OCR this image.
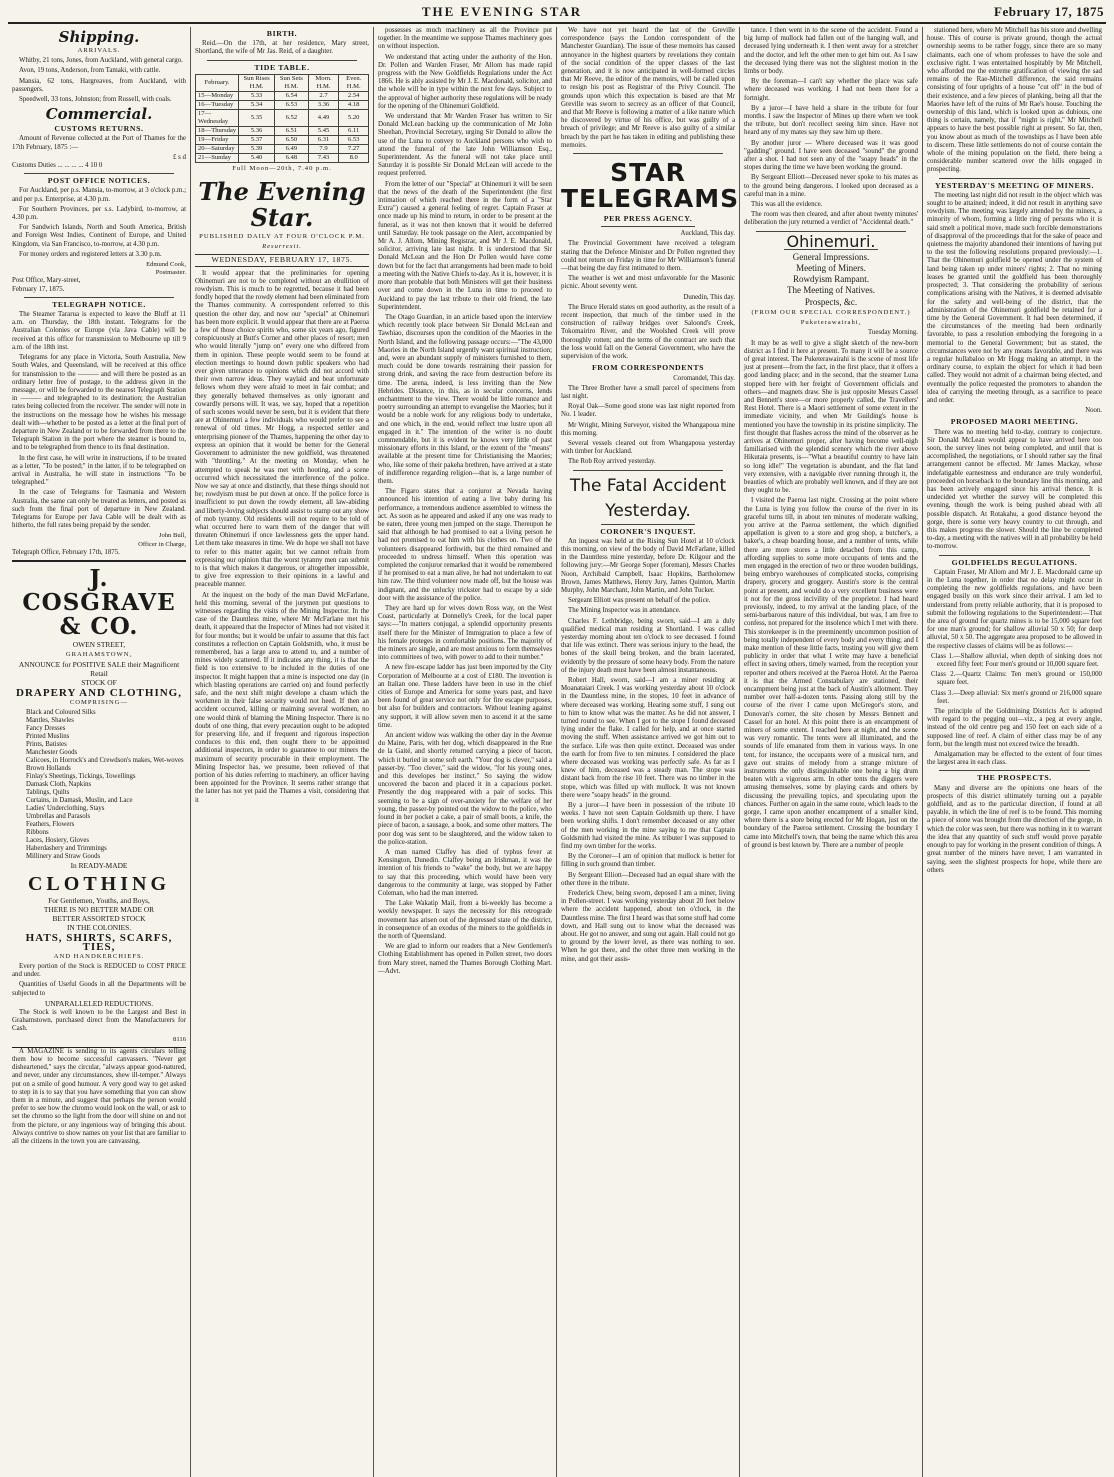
THE EVENING STAR	February 17, 1875
Shipping.
ARRIVALS.

Whitby, 21 tons, Jones, from Auckland, with general cargo.

Avon, 19 tons, Anderson, from Tamaki, with cattle.

Mansia, 62 tons, Hargreaves, from Auckland, with passengers.

Speedwell, 33 tons, Johnston; from Russell, with coals.

Commercial.
CUSTOMS RETURNS.

Amount of Revenue collected at the Port of Thames for the 17th February, 1875 :—

£ s d
Customs Duties ... ... ... ... 4 10 0
POST OFFICE NOTICES.

For Auckland, per p.s. Mansia, to-morrow, at 3 o'clock p.m.; and per p.s. Enterprise, at 4.30 p.m.

For Southern Provinces, per s.s. Ladybird, to-morrow, at 4.30 p.m.

For Sandwich Islands, North and South America, British and Foreign West Indies, Continent of Europe, and United Kingdom, via San Francisco, to-morrow, at 4.30 p.m.

For money orders and registered letters at 3.30 p.m.

Edmund Cook,
Postmaster.
Post Office, Mary-street,
February 17, 1875.
TELEGRAPH NOTICE.

The Steamer Tararua is expected to leave the Bluff at 11 a.m. on Thursday, the 18th instant. Telegrams for the Australian Colonies or Europe (via Java Cable) will be received at this office for transmission to Melbourne up till 9 a.m. of the 18th inst.

Telegrams for any place in Victoria, South Australia, New South Wales, and Queensland, will be received at this office for transmission to the ——— and will there be posted as an ordinary letter free of postage, to the address given in the message, or will be forwarded to the nearest Telegraph Station in ——— and telegraphed to its destination; the Australian rates being collected from the receiver. The sender will note in the instructions on the message how he wishes his message dealt with—whether to be posted as a letter at the final port of departure in New Zealand or to be forwarded from there to the Telegraph Station in the port where the steamer is bound to, and to be telegraphed from thence to its final destination.

In the first case, he will write in instructions, if to be treated as a letter, "To be posted;" in the latter, if to be telegraphed on arrival in Australia, he will state in instructions "To be telegraphed."

In the case of Telegrams for Tasmania and Western Australia, the same can only be treated as letters, and posted as such from the final port of departure in New Zealand. Telegrams for Europe per Java Cable will be dealt with as hitherto, the full rates being prepaid by the sender.

John Bull,
Officer in Charge,
Telegraph Office, February 17th, 1875.
J. COSGRAVE & CO.
OWEN STREET,
GRAHAMSTOWN,
ANNOUNCE for POSITIVE SALE their Magnificent Retail
STOCK OF
DRAPERY AND CLOTHING,
COMPRISING—
Black and Coloured Silks
Mantles, Shawles
Fancy Dresses
Printed Muslins
Prints, Batistes
Manchester Goods
Calicoes, in Horrock's and Crewdson's makes, Wet-woves
Brown Hollands
Finlay's Sheetings, Tickings, Towellings
Damask Cloth, Napkins
Tablings, Quilts
Curtains, in Damask, Muslin, and Lace
Ladies' Underclothing, Stays
Umbrellas and Parasols
Feathers, Flowers
Ribbons
Laces, Hosiery, Gloves
Haberdashery and Trimmings
Millinery and Straw Goods
In READY-MADE
CLOTHING
For Gentlemen, Youths, and Boys,
THERE IS NO BETTER MADE OR
BETTER ASSORTED STOCK
IN THE COLONIES.
HATS, SHIRTS, SCARFS, TIES,
AND HANDKERCHIEFS.

Every portion of the Stock is REDUCED to COST PRICE and under.

Quantities of Useful Goods in all the Departments will be subjected to

UNPARALLELED REDUCTIONS.

The Stock is well known to be the Largest and Best in Grahamstown, purchased direct from the Manufacturers for Cash.

8116

A MAGAZINE is sending to its agents circulars telling them how to become successful canvassers. "Never get disheartened," says the circular, "always appear good-natured, and never, under any circumstances, shew ill-temper." Always put on a smile of good humour. A very good way to get asked to step in is to say that you have something that you can show them in a minute, and suggest that perhaps the person would prefer to see how the chromo would look on the wall, or ask to set the chromo so the light from the door will shine on and not from the picture, or any ingenious way of bringing this about. Always contrive to show names on your list that are familiar to all the citizens in the town you are canvassing.

BIRTH.

Reid.—On the 17th, at her residence, Mary street, Shortland, the wife of Mr Jas. Reid, of a daughter.

TIDE TABLE.
February.	Sun Rises H.M.	Sun Sets H.M.	Morn. H.M.	Even. H.M.
15—Monday	5.33	6.54	2.7	2.54
16—Tuesday	5.34	6.53	3.36	4.18
17—Wednesday	5.35	6.52	4.49	5.20
18—Thursday	5.36	6.51	5.45	6.11
19—Friday	5.37	6.50	6.31	6.53
20—Saturday	5.39	6.49	7.9	7.27
21—Sunday	5.40	6.48	7.43	8.0
Full Moon—20th, 7.40 p.m.
The Evening Star.
PUBLISHED DAILY AT FOUR O'CLOCK P.M.
Resurrexit.
WEDNESDAY, FEBRUARY 17, 1875.

It would appear that the preliminaries for opening Ohinemuri are not to be completed without an ebullition of rowdyism. This is much to be regretted, because it had been fondly hoped that the rowdy element had been eliminated from the Thames community. A correspondent referred to this question the other day, and now our "special" at Ohinemuri has been more explicit. It would appear that there are at Paeroa a few of those choice spirits who, some six years ago, figured conspicuously at Butt's Corner and other places of resort; men who would literally "jump on" every one who differed from them in opinion. These people would seem to be found at election meetings to hound down public speakers who had ever given utterance to opinions which did not accord with their own narrow ideas. They waylaid and beat unfortunate fellows whom they were afraid to meet in fair combat; and they generally behaved themselves as only ignorant and cowardly persons will. It was, we say, hoped that a repetition of such scenes would never be seen, but it is evident that there are at Ohinemuri a few individuals who would prefer to see a renewal of old times. Mr Hogg, a respected settler and enterprising pioneer of the Thames, happening the other day to express an opinion that it would be better for the General Government to administer the new goldfield, was threatened with "throttling." At the meeting on Monday, when he attempted to speak he was met with hooting, and a scene occurred which necessitated the interference of the police. Now we say at once and distinctly, that these things should not be; rowdyism must be put down at once. If the police force is insufficient to put down the rowdy element, all law-abiding and liberty-loving subjects should assist to stamp out any show of mob tyranny. Old residents will not require to be told of what occurred here to warn them of the danger that will threaten Ohinemuri if once lawlessness gets the upper hand. Let them take measures in time. We do hope we shall not have to refer to this matter again; but we cannot refrain from expressing our opinion that the worst tyranny men can submit to is that which makes it dangerous, or altogether impossible, to give free expression to their opinions in a lawful and peaceable manner.

At the inquest on the body of the man David McFarlane, held this morning, several of the jurymen put questions to witnesses regarding the visits of the Mining Inspector. In the case of the Dauntless mine, where Mr McFarlane met his death, it appeared that the Inspector of Mines had not visited it for four months; but it would be unfair to assume that this fact constitutes a reflection on Captain Goldsmith, who, it must be remembered, has a large area to attend to, and a number of mines widely scattered. If it indicates any thing, it is that the field is too extensive to be included in the duties of one inspector. It might happen that a mine is inspected one day (in which blasting operations are carried on) and found perfectly safe, and the next shift might develope a chasm which the workmen in their false security would not heed. If then an accident occurred, killing or maiming several workmen, no one would think of blaming the Mining Inspector. There is no doubt of one thing, that every precaution ought to be adopted for preserving life, and if frequent and rigorous inspection conduces to this end, then ought there to be appointed additional inspectors, in order to guarantee to our miners the maximum of security procurable in their employment. The Mining Inspector has, we presume, been relieved of that portion of his duties referring to machinery, an officer having been appointed for the Province. It seems rather strange that the latter has not yet paid the Thames a visit, considering that it

possesses as much machinery as all the Province put together. In the meantime we suppose Thames machinery goes on without inspection.

We understand that acting under the authority of the Hon. Dr. Pollen and Warden Fraser, Mr Allom has made rapid progress with the New Goldfields Regulations under the Act 1866. He is ably assisted by Mr J. E. Macdonald, solicitor, and the whole will be in type within the next few days. Subject to the approval of higher authority these regulations will be ready for the opening of the Ohinemuri Goldfield.

We understand that Mr Warden Fraser has written to Sir Donald McLean backing up the communication of Mr John Sheehan, Provincial Secretary, urging Sir Donald to allow the use of the Luna to convey to Auckland persons who wish to attend the funeral of the late John Williamson Esq., Superintendent. As the funeral will not take place until Saturday it is possible Sir Donald McLean will accede to the request preferred.

From the letter of our "Special" at Ohinemuri it will be seen that the news of the death of the Superintendent (the first intimation of which reached there in the form of a "Star Extra") caused a general feeling of regret. Captain Fraser at once made up his mind to return, in order to be present at the funeral, as it was not then known that it would be deferred until Saturday. He took passage on the Alert, accompanied by Mr A. J. Allom, Mining Registrar, and Mr J. E. Macdonald, solicitor, arriving late last night. It is understood that Sir Donald McLean and the Hon Dr Pollen would have come down but for the fact that arrangements had been made to hold a meeting with the Native Chiefs to-day. As it is, however, it is more than probable that both Ministers will get their business over and come down in the Luna in time to proceed to Auckland to pay the last tribute to their old friend, the late Superintendent.

The Otago Guardian, in an article based upon the interview which recently took place between Sir Donald McLean and Tawhiao, discourses upon the condition of the Maories in the North Island, and the following passage occurs:—"The 43,000 Maories in the North Island urgently want spiritual instruction; and, were an abundant supply of ministers furnished to them, much could be done towards restraining their passion for strong drink, and saving the race from destruction before its time. The arena, indeed, is less inviting than the New Hebrides. Distance, in this, as in secular concerns, lends enchantment to the view. There would be little romance and poetry surrounding an attempt to evangelise the Maories; but it would be a noble work for any religious body to undertake, and one which, in the end, would reflect true lustre upon all engaged in it." The intention of the writer is no doubt commendable, but it is evident he knows very little of past missionary efforts in this Island, or the extent of the "means" available at the present time for Christianising the Maories; who, like some of their pakeha brethren, have arrived at a state of indifference regarding religion—that is, a large number of them.

The Figaro states that a conjuror at Nevada having announced his intention of eating a live baby during his performance, a tremendous audience assembled to witness the act. As soon as he appeared and asked if any one was ready to be eaten, three young men jumped on the stage. Thereupon he said that although he had promised to eat a living person he had not promised to eat him with his clothes on. Two of the volunteers disappeared forthwith, but the third remained and proceeded to undress himself. When this operation was completed the conjuror remarked that it would be remembered if he promised to eat a man alive, he had not undertaken to eat him raw. The third volunteer now made off, but the house was indignant, and the unlucky trickster had to escape by a side door with the assistance of the police.

They are hard up for wives down Ross way, on the West Coast, particularly at Donnelly's Creek, for the local paper says:—"In matters conjugal, a splendid opportunity presents itself there for the Minister of Immigration to place a few of his female proteges in comfortable positions. The majority of the miners are single, and are most anxious to form themselves into committees of two, with power to add to their number."

A new fire-escape ladder has just been imported by the City Corporation of Melbourne at a cost of £180. The invention is an Italian one. These ladders have been in use in the chief cities of Europe and America for some years past, and have been found of great service not only for fire escape purposes, but also for builders and contractors. Without leaning against any support, it will allow seven men to ascend it at the same time.

An ancient widow was walking the other day in the Avenue du Maine, Paris, with her dog, which disappeared in the Rue de la Gaité, and shortly returned carrying a piece of bacon, which it buried in some soft earth. "Your dog is clever," said a passer-by. "Too clever," said the widow, "for his young ones, and this developes her instinct." So saying the widow uncovered the bacon and placed it in a capacious pocket. Presently the dog reappeared with a pair of socks. This seeming to be a sign of over-anxiety for the welfare of her young, the passer-by pointed out the widow to the police, who found in her pocket a cake, a pair of small boots, a knife, the piece of bacon, a sausage, a book, and some other matters. The poor dog was sent to be slaughtered, and the widow taken to the police-station.

A man named Claffey has died of typhus fever at Kensington, Dunedin. Claffey being an Irishman, it was the intention of his friends to "wake" the body, but we are happy to say that this proceeding, which would have been very dangerous to the community at large, was stopped by Father Coleman, who had the man interred.

The Lake Wakatip Mail, from a bi-weekly has become a weekly newspaper. It says the necessity for this retrograde movement has arisen out of the depressed state of the district, in consequence of an exodus of the miners to the goldfields in the north of Queensland.

We are glad to inform our readers that a New Gentlemen's Clothing Establishment has opened in Pollen street, two doors from Mary street, named the Thames Borough Clothing Mart.—Advt.

We have not yet heard the last of the Greville correspondence (says the London correspondent of the Manchester Guardian). The issue of these memoirs has caused annoyance in the highest quarters by revelations they contain of the social condition of the upper classes of the last generation, and it is now anticipated in well-formed circles that Mr Reeve, the editor of the memoirs, will be called upon to resign his post as Registrar of the Privy Council. The grounds upon which this expectation is based are that Mr Greville was sworn to secrecy as an officer of that Council, and that Mr Reeve is following a matter of a like nature which he discovered by virtue of his office, but was guilty of a breach of privilege; and Mr Reeve is also guilty of a similar breach by the part he has taken in editing and publishing these memoirs.

STAR TELEGRAMS
PER PRESS AGENCY.
Auckland, This day.

The Provincial Government have received a telegram stating that the Defence Minister and Dr Pollen regretted they could not return on Friday in time for Mr Williamson's funeral—that being the day first intimated to them.

The weather is wet and most unfavorable for the Masonic picnic. About seventy went.

Dunedin, This day.

The Bruce Herald states on good authority, as the result of a recent inspection, that much of the timber used in the construction of railway bridges over Saloond's Creek, Tokomairiro River, and the Woolshed Creek will prove thoroughly rotten; and the terms of the contract are such that the loss would fall on the General Government, who have the supervision of the work.

FROM CORRESPONDENTS
Coromandel, This day.

The Three Brother have a small parcel of specimens from last night.

Royal Oak—Some good stone was last night reported from No. 1 leader.

Mr Wright, Mining Surveyor, visited the Whangapoua mine this morning.

Several vessels cleared out from Whangapoua yesterday with timber for Auckland.

The Rob Roy arrived yesterday.

The Fatal Accident
Yesterday.
CORONER'S INQUEST.

An inquest was held at the Rising Sun Hotel at 10 o'clock this morning, on view of the body of David McFarlane, killed in the Dauntless mine yesterday, before Dr. Kilgour and the following jury:—Mr George Soper (foreman), Messrs Charles Noon, Archibald Campbell, Isaac Hopkins, Bartholomew Brown, James Matthews, Henry Jury, James Quinton, Martin Murphy, John Marchant, John Martin, and John Tucker.

Sergeant Elliott was present on behalf of the police.

The Mining Inspector was in attendance.

Charles F. Lethbridge, being sworn, said—I am a duly qualified medical man residing at Shortland. I was called yesterday morning about ten o'clock to see deceased. I found that life was extinct. There was serious injury to the head, the bones of the skull being broken, and the brain lacerated, evidently by the pressure of some heavy body. From the nature of the injury death must have been almost instantaneous.

Robert Hall, sworn, said—I am a miner residing at Moanataiari Creek. I was working yesterday about 10 o'clock in the Dauntless mine, in the stopes, 10 feet in advance of where deceased was working. Hearing some stuff, I sung out to him to know what was the matter. As he did not answer, I turned round to see. When I got to the stope I found deceased lying under the flake. I called for help, and at once started moving the stuff. When assistance arrived we got him out to the surface. Life was then quite extinct. Deceased was under the earth for from five to ten minutes. I considered the place where deceased was working was perfectly safe. As far as I knew of him, deceased was a steady man. The stope was distant back from the rise 10 feet. There was no timber in the stope, which was filled up with mullock. It was not known there were "soapy heads" in the ground.

By a juror—I have been in possession of the tribute 10 weeks. I have not seen Captain Goldsmith up there. I have been working shifts. I don't remember deceased or any other of the men working in the mine saying to me that Captain Goldsmith had visited the mine. As tributer I was supposed to find my own timber for the works.

By the Coroner—I am of opinion that mullock is better for filling in such ground than timber.

By Sergeant Elliott—Deceased had an equal share with the other three in the tribute.

Frederick Chew, being sworn, deposed I am a miner, living in Pollen-street. I was working yesterday about 20 feet below where the accident happened, about ten o'clock, in the Dauntless mine. The first I heard was that some stuff had come down, and Hall sung out to know what the deceased was about. He got no answer, and sung out again. Hall could not go to ground by the lower level, as there was nothing to see. When he got there, and the other three men working in the mine, and got their assis-

tance. I then went in to the scene of the accident. Found a big lump of mullock had fallen out of the hanging wall, and deceased lying underneath it. I then went away for a stretcher and the doctor, and left the other men to get him out. As I saw the deceased lying there was not the slightest motion in the limbs or body.

By the foreman—I can't say whether the place was safe where deceased was working. I had not been there for a fortnight.

By a juror—I have held a share in the tribute for four months. I saw the Inspector of Mines up there when we took the tribute, but don't recollect seeing him since. Have not heard any of my mates say they saw him up there.

By another juror — Where deceased was it was good "gadding" ground. I have seen deceased "sound" the ground after a shot. I had not seen any of the "soapy heads" in the stopes during the time we have been working the ground.

By Sergeant Elliott—Deceased never spoke to his mates as to the ground being dangerous. I looked upon deceased as a careful man in a mine.

This was all the evidence.

The room was then cleared, and after about twenty minutes' deliberation the jury returned a verdict of "Accidental death."

Ohinemuri.
General Impressions.
Meeting of Miners.
Rowdyism Rampant.
The Meeting of Natives.
Prospects, &c.
(FROM OUR SPECIAL CORRESPONDENT.)
Puketerawairahi,
Tuesday Morning.

It may be as well to give a slight sketch of the new-born district as I find it here at present. To many it will be a source of great interest. The Puketerawairahi is the scene of most life just at present—from the fact, in the first place, that it offers a good landing place; and in the second, that the steamer Luna stopped here with her freight of Government officials and others—and magnets draw. She is just opposite Messrs Cassel and Bennett's store—or more properly called, the Travellers' Rest Hotel. There is a Maori settlement of some extent in the immediate vicinity, and when Mr Guilding's house is mentioned you have the township in its pristine simplicity. The first thought that flashes across the mind of the observer as he arrives at Ohinemuri proper, after having become well-nigh familiarised with the splendid scenery which the river above Hikutaia presents, is—"What a beautiful country to have lain so long idle!" The vegetation is abundant, and the flat land very extensive, with a navigable river running through it, the beauties of which are probably well known, and if they are not they ought to be.

I visited the Paeroa last night. Crossing at the point where the Luna is lying you follow the course of the river in its graceful turns till, in about ten minutes of moderate walking, you arrive at the Paeroa settlement, the which dignified appellation is given to a store and grog shop, a butcher's, a baker's, a cheap boarding house, and a number of tents, while there are more stores a little detached from this camp, affording supplies to some more occupants of tents and the men engaged in the erection of two or three wooden buildings, being embryo warehouses of complicated stocks, comprising drapery, grocery and groggery. Austin's store is the central point at present, and would do a very excellent business were it not for the gross incivility of the proprietor. I had heard previously, indeed, to my arrival at the landing place, of the semi-barbarous nature of this individual, but was, I am free to confess, not prepared for the insolence which I met with there. This storekeeper is in the preeminently uncommon position of being totally independent of every body and every thing; and I make mention of these little facts, trusting you will give them publicity in order that what I write may have a beneficial effect in saving others, timely warned, from the reception your reporter and others received at the Paeroa Hotel. At the Paeroa it is that the Armed Constabulary are stationed, their encampment being just at the back of Austin's allotment. They number over half-a-dozen tents. Passing along still by the course of the river I came upon McGregor's store, and Donovan's corner, the site chosen by Messrs Bennett and Cassel for an hotel. At this point there is an encampment of miners of some extent. I reached here at night, and the scene was very romantic. The tents were all illuminated, and the sounds of life emanated from them in various ways. In one tent, for instance, the occupants were of a musical turn, and gave out strains of melody from a strange mixture of instruments the only distinguishable one being a big drum beaten with a vigorous arm. In other tents the diggers were amusing themselves, some by playing cards and others by discussing the prevailing topics, and speculating upon the chances. Further on again in the same route, which leads to the gorge, I came upon another encampment of a smaller kind, where there is a store being erected for Mr Hogan, just on the boundary of the Paeroa settlement. Crossing the boundary I came into Mitchell's town, that being the name which this area of ground is best known by. There are a number of people

stationed here, where Mr Mitchell has his store and dwelling house. This of course is private ground, though the actual ownership seems to be rather foggy, since there are so many claimants, each one of whom professes to have the sole and exclusive right. I was entertained hospitably by Mr Mitchell, who afforded me the extreme gratification of viewing the sad remains of the Rae-Mitchell difference, the said remains consisting of four uprights of a house "cut off" in the bud of their existence, and a few pieces of planking, being all that the Maories have left of the ruins of Mr Rae's house. Touching the ownership of this land, which is looked upon as dubious, one thing is certain, namely, that if "might is right," Mr Mitchell appears to have the best possible right at present. So far, then, you know about as much of the townships as I have been able to discern. These little settlements do not of course contain the whole of the mining population on the field, there being a considerable number scattered over the hills engaged in prospecting.

YESTERDAY'S MEETING OF MINERS.

The meeting last night did not result in the object which was sought to be attained; indeed, it did not result in anything save rowdyism. The meeting was largely attended by the miners, a minority of whom, forming a little ring of persons who it is said smelt a political move, made such forcible demonstrations of disapproval of the proceedings that for the sake of peace and quietness the majority abandoned their intentions of having put to the test the following resolutions prepared previously:—1. That the Ohinemuri goldfield be opened under the system of land being taken up under miners' rights; 2. That no mining leases be granted until the goldfield has been thoroughly prospected; 3. That considering the probability of serious complications arising with the Natives, it is deemed advisable for the safety and well-being of the district, that the administration of the Ohinemuri goldfield be retained for a time by the General Government. It had been determined, if the circumstances of the meeting had been ordinarily favorable, to pass a resolution embodying the foregoing in a memorial to the General Government; but as stated, the circumstances were not by any means favorable, and there was a regular hullabaloo on Mr Hogg making an attempt, in the ordinary course, to explain the object for which it had been called. They would not admit of a chairman being elected, and eventually the police requested the promoters to abandon the idea of carrying the meeting through, as a sacrifice to peace and order.

Noon.
PROPOSED MAORI MEETING.

There was no meeting held to-day, contrary to conjecture. Sir Donald McLean would appear to have arrived here too soon, the survey lines not being completed, and until that is accomplished, the negotiations, or I should rather say the final arrangement cannot be effected. Mr James Mackay, whose indefatigable earnestness and endurance are truly wonderful, proceeded on horseback to the boundary line this morning, and has been actively engaged since his arrival thence. It is undecided yet whether the survey will be completed this evening, though the work is being pushed ahead with all possible dispatch. At Rotakahu, a good distance beyond the gorge, there is some very heavy country to cut through, and this makes progress the slower. Should the line be completed to-day, a meeting with the natives will in all probability be held to-morrow.

GOLDFIELDS REGULATIONS.

Captain Fraser, Mr Allom and Mr J. E. Macdonald came up in the Luna together, in order that no delay might occur in completing the new goldfields regulations, and have been engaged busily on this work since their arrival. I am led to understand from pretty reliable authority, that it is proposed to submit the following regulations to the Superintendent:—That the area of ground for quartz mines is to be 15,000 square feet for one man's ground; for shallow alluvial 50 x 50; for deep alluvial, 50 x 50. The aggregate area proposed to be allowed in the respective classes of claims will be as follows:—

Class 1.—Shallow alluvial, when depth of sinking does not exceed fifty feet: Four men's ground or 10,000 square feet.

Class 2.—Quartz Claims: Ten men's ground or 150,000 square feet.

Class 3.—Deep alluvial: Six men's ground or 216,000 square feet.

The principle of the Goldmining Districts Act is adopted with regard to the pegging out—viz., a peg at every angle, instead of the old centre peg and 150 feet on each side of a supposed line of reef. A claim of either class may be of any form, but the length must not exceed twice the breadth.

Amalgamation may be effected to the extent of four times the largest area in each class.

THE PROSPECTS.

Many and diverse are the opinions one hears of the prospects of this district ultimately turning out a payable goldfield, and as to the particular direction, if found at all payable, in which the line of reef is to be found. This morning a piece of stone was brought from the direction of the gorge, in which the color was seen, but there was nothing in it to warrant the idea that any quantity of such stuff would prove payable enough to pay for working in the present condition of things. A great number of the miners have never, I am warranted in saying, seen the slightest prospects for hope, while there are others
